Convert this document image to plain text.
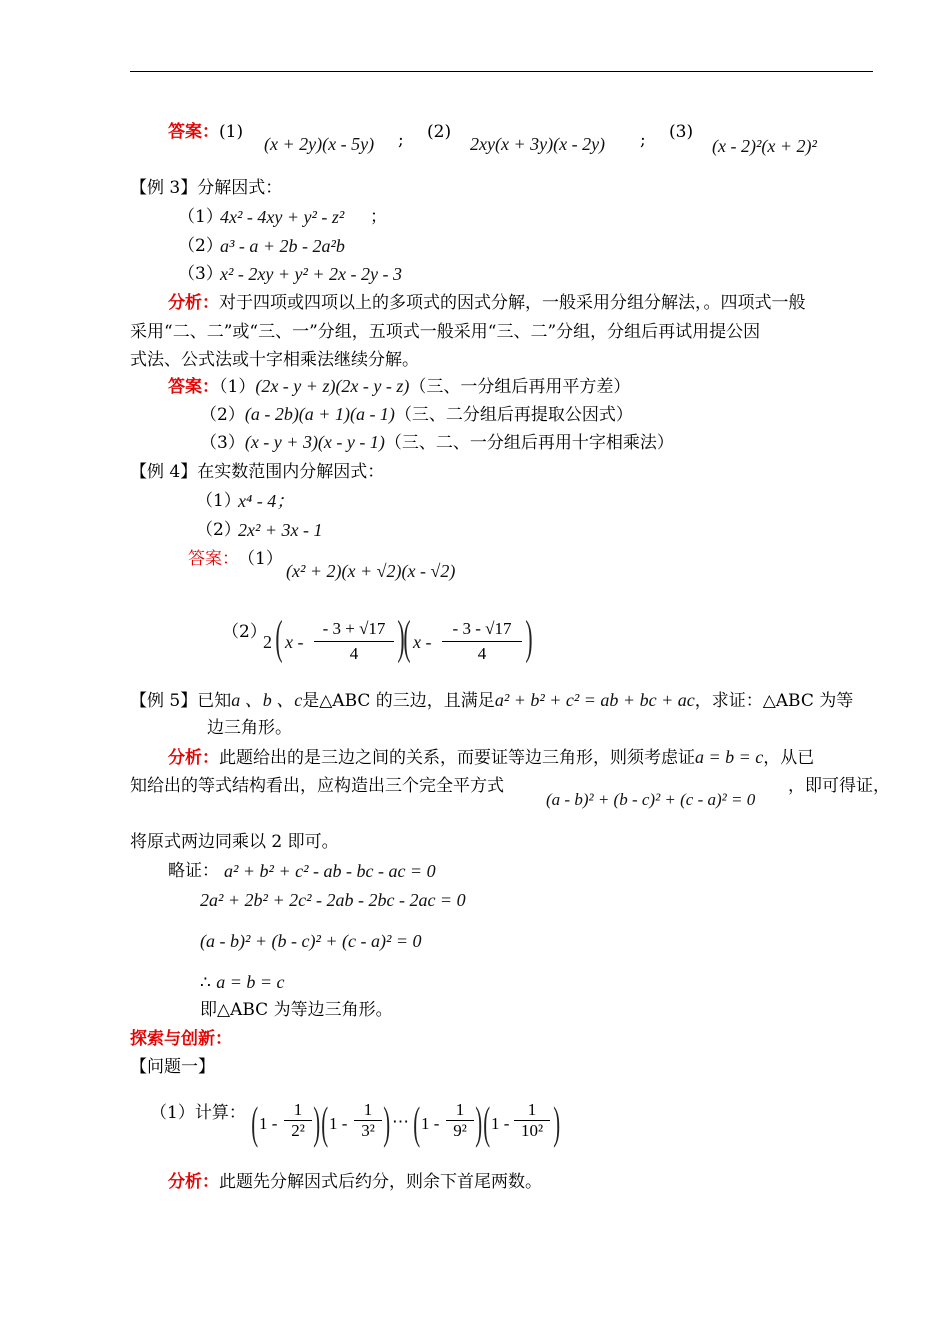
答案：(1)
(x + 2y)(x - 5y) ; (2)
2xy(x + 3y)(x - 2y) ; (3)
(x - 2)²(x + 2)²
【例 3】分解因式：
（1）
4x² - 4xy + y² - z² ；
（2）
a³ - a + 2b - 2a²b
（3）
x² - 2xy + y² + 2x - 2y - 3
分析：对于四项或四项以上的多项式的因式分解，一般采用分组分解法，。四项式一般
采用“二、二”或“三、一”分组，五项式一般采用“三、二”分组，分组后再试用提公因
式法、公式法或十字相乘法继续分解。
答案：（1）(2x - y + z)(2x - y - z)（三、一分组后再用平方差）
（2）(a - 2b)(a + 1)(a - 1)（三、二分组后再提取公因式）
（3）(x - y + 3)(x - y - 1)（三、二、一分组后再用十字相乘法）
【例 4】在实数范围内分解因式：
（1）
x⁴ - 4；
（2）
2x² + 3x - 1
答案： （1）
(x² + 2)(x + √2)(x - √2)
（2）
2 ( x - $\frac{- 3 + √17}{4}$ )
( x - $\frac{- 3 - √17}{4}$ )
【例 5】已知a 、b 、c是△ABC 的三边，且满足a² + b² + c² = ab + bc + ac，求证：△ABC 为等
边三角形。
分析：此题给出的是三边之间的关系，而要证等边三角形，则须考虑证a = b = c，从已
知给出的等式结构看出，应构造出三个完全平方式
(a - b)² + (b - c)² + (c - a)² = 0
，即可得证，
将原式两边同乘以 2 即可。
略证： a² + b² + c² - ab - bc - ac = 0
2a² + 2b² + 2c² - 2ab - 2bc - 2ac = 0
(a - b)² + (b - c)² + (c - a)² = 0
∴ a = b = c
即△ABC 为等边三角形。
探索与创新：
【问题一】
（1）计算： ( $1 - \frac{1}{\text{2²}}$ ) ( $1 - \frac{1}{\text{3²}}$ ) ⋯ ( $1 - \frac{1}{\text{9²}}$ ) ( $1 - \frac{1}{\text{10²}}$ )
分析：此题先分解因式后约分，则余下首尾两数。
